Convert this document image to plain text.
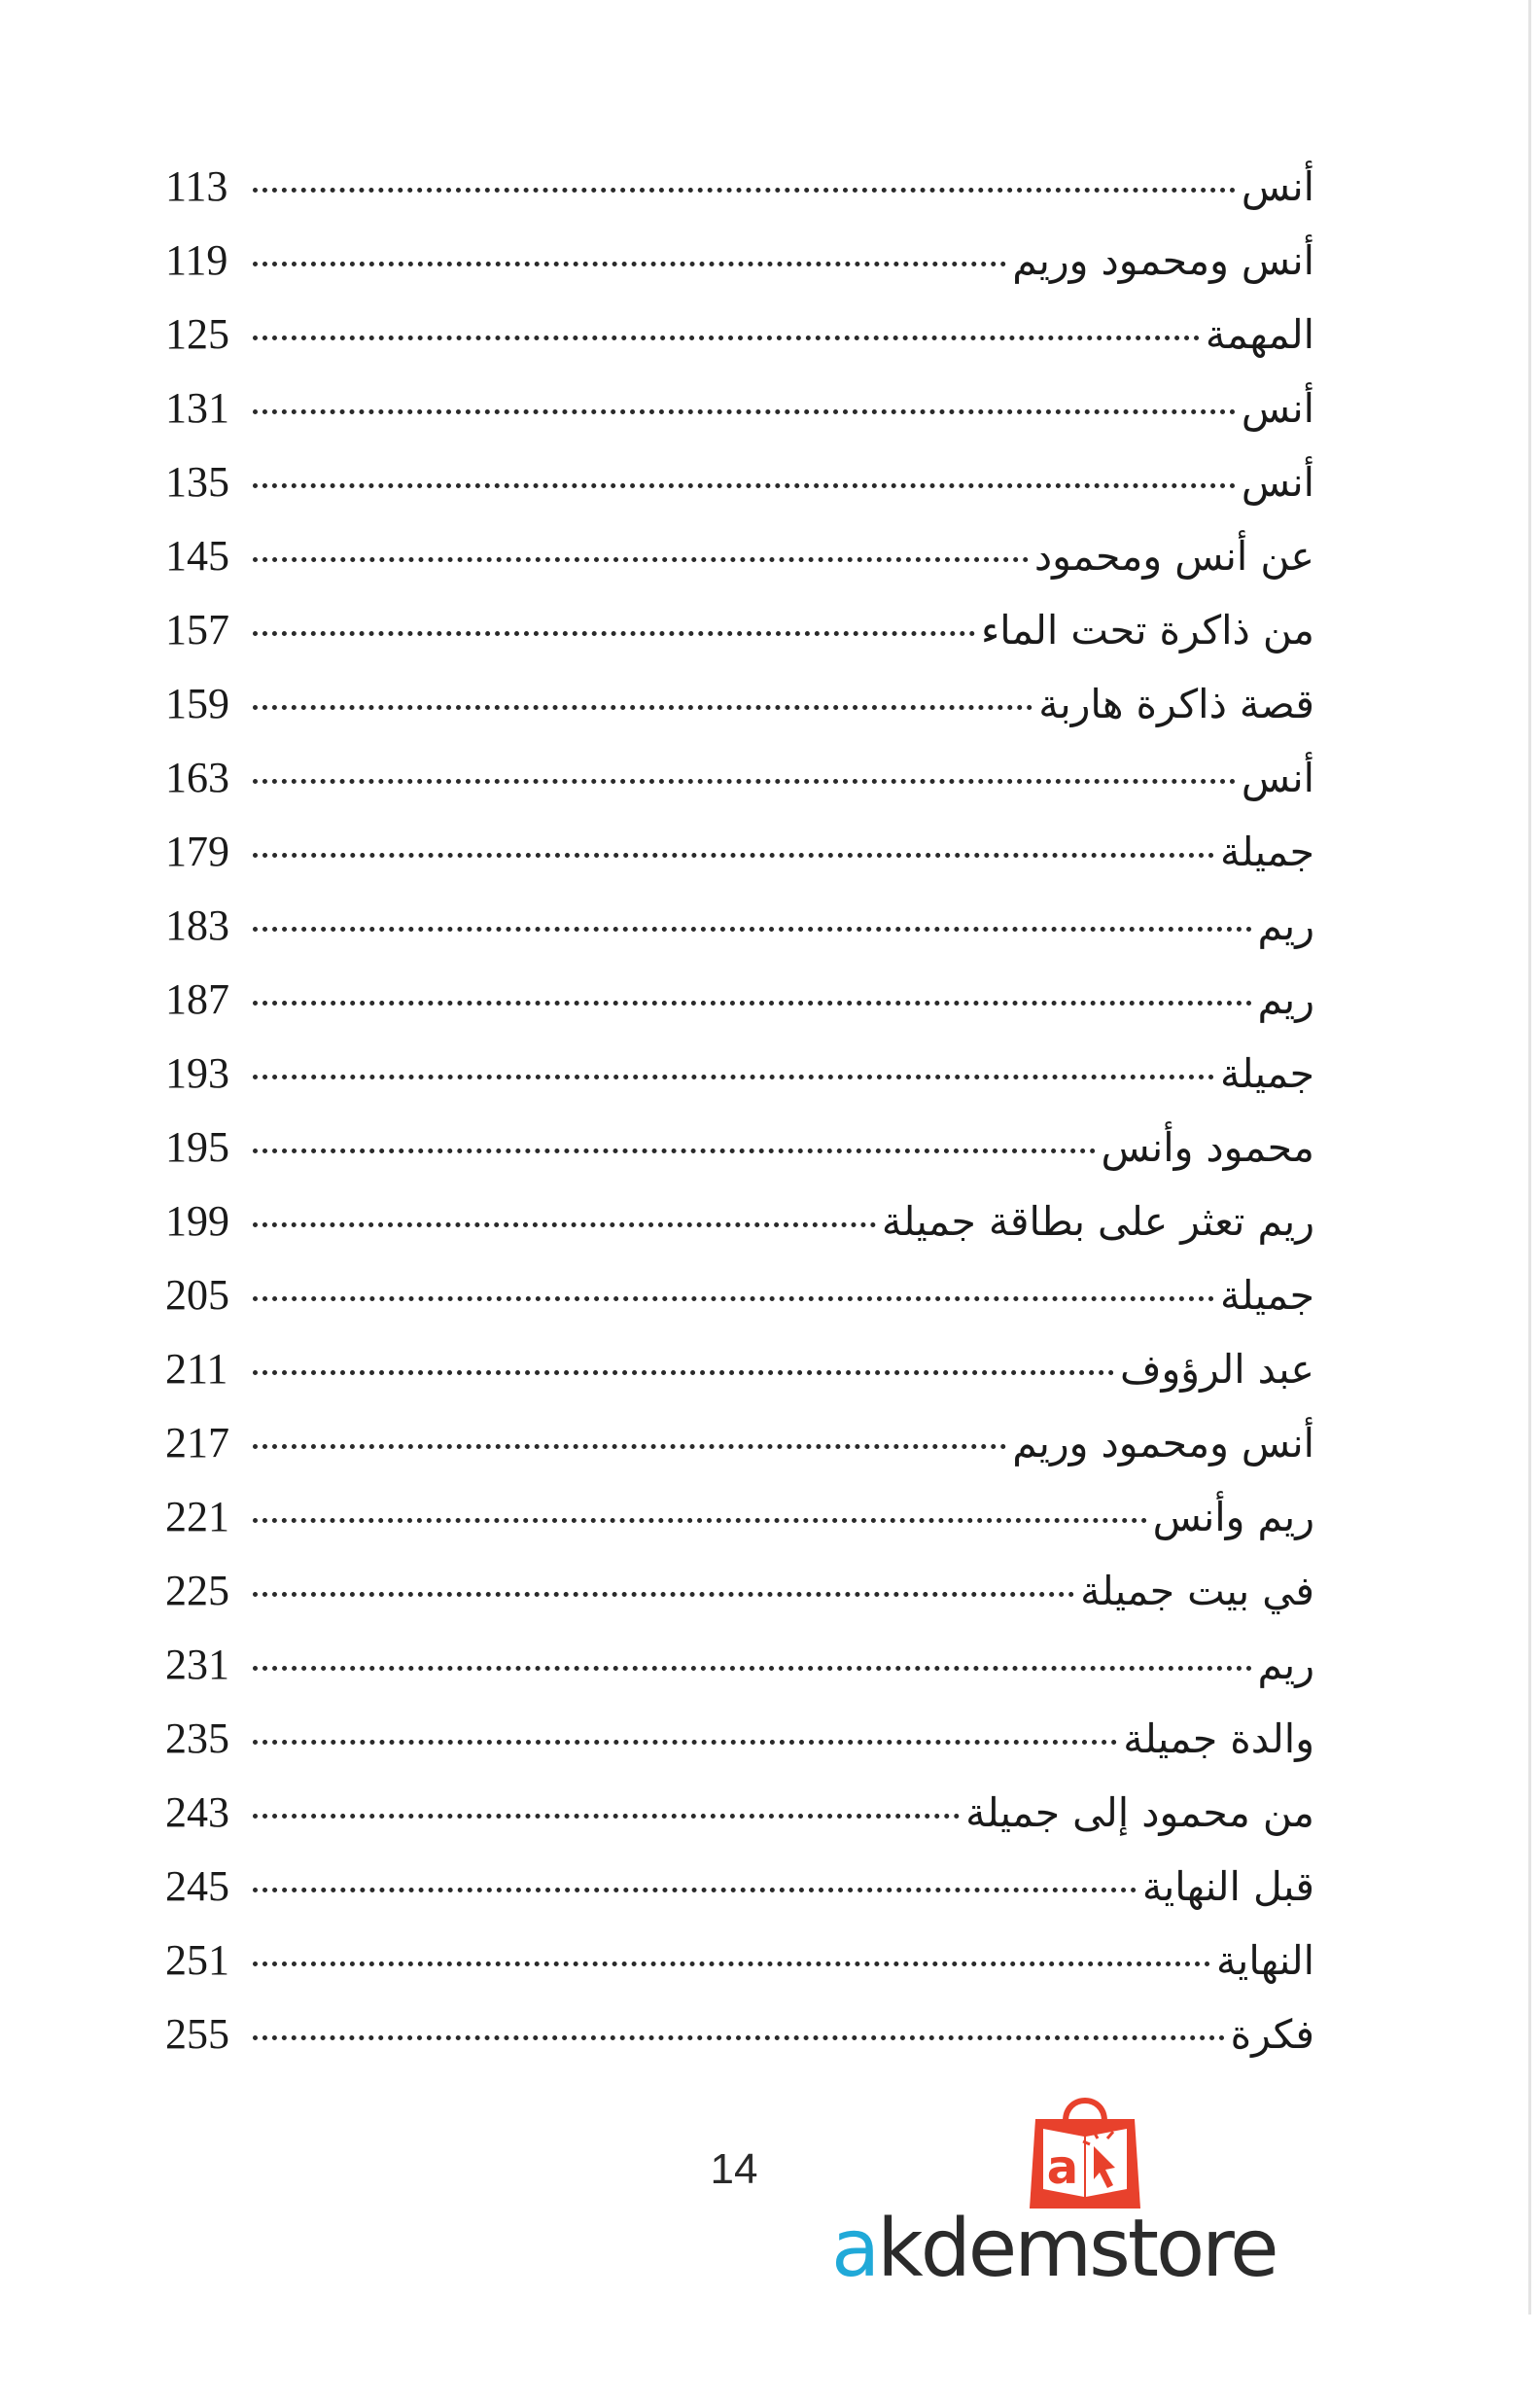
أنس
113
أنس ومحمود وريم
119
المهمة
125
أنس
131
أنس
135
عن أنس ومحمود
145
من ذاكرة تحت الماء
157
قصة ذاكرة هاربة
159
أنس
163
جميلة
179
ريم
183
ريم
187
جميلة
193
محمود وأنس
195
ريم تعثر على بطاقة جميلة
199
جميلة
205
عبد الرؤوف
211
أنس ومحمود وريم
217
ريم وأنس
221
في بيت جميلة
225
ريم
231
والدة جميلة
235
من محمود إلى جميلة
243
قبل النهاية
245
النهاية
251
فكرة
255
14	a
akdemstore
